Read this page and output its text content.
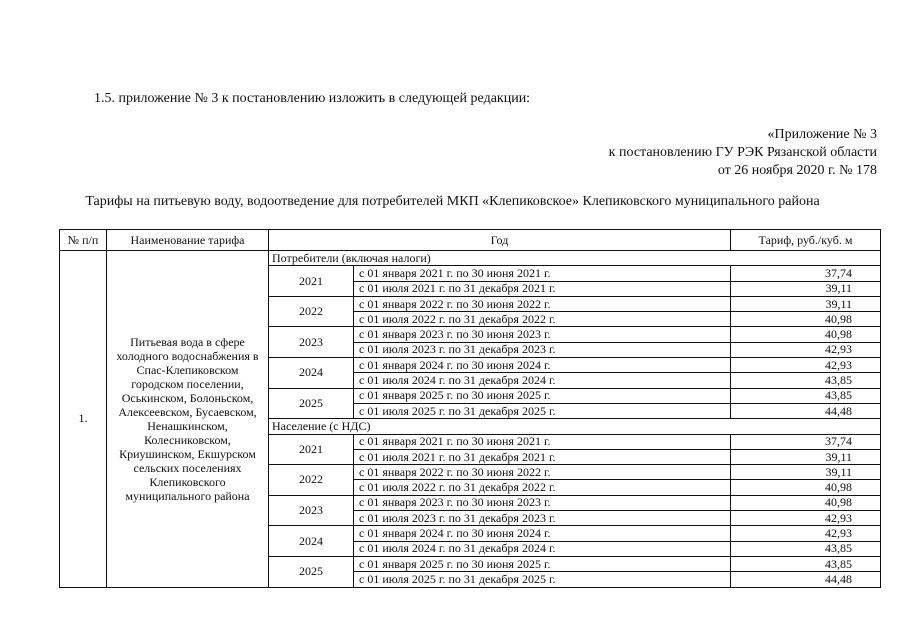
1.5. приложение № 3 к постановлению изложить в следующей редакции:
«Приложение № 3
к постановлению ГУ РЭК Рязанской области
от 26 ноября 2020 г. № 178
Тарифы на питьевую воду, водоотведение для потребителей МКП «Клепиковское» Клепиковского муниципального района
№ п/п	Наименование тарифа	Год		Тариф, руб./куб. м
1.	Питьевая вода в сфере холодного водоснабжения в Спас-Клепиковском городском поселении, Оськинском, Болоньском, Алексеевском, Бусаевском, Ненашкинском, Колесниковском, Криушинском, Екшурском сельских поселениях Клепиковского муниципального района	Потребители (включая налоги)		
		2021	с 01 января 2021 г. по 30 июня 2021 г.	37,74
			с 01 июля 2021 г. по 31 декабря 2021 г.	39,11
		2022	с 01 января 2022 г. по 30 июня 2022 г.	39,11
			с 01 июля 2022 г. по 31 декабря 2022 г.	40,98
		2023	с 01 января 2023 г. по 30 июня 2023 г.	40,98
			с 01 июля 2023 г. по 31 декабря 2023 г.	42,93
		2024	с 01 января 2024 г. по 30 июня 2024 г.	42,93
			с 01 июля 2024 г. по 31 декабря 2024 г.	43,85
		2025	с 01 января 2025 г. по 30 июня 2025 г.	43,85
			с 01 июля 2025 г. по 31 декабря 2025 г.	44,48
		Население (с НДС)		
		2021	с 01 января 2021 г. по 30 июня 2021 г.	37,74
			с 01 июля 2021 г. по 31 декабря 2021 г.	39,11
		2022	с 01 января 2022 г. по 30 июня 2022 г.	39,11
			с 01 июля 2022 г. по 31 декабря 2022 г.	40,98
		2023	с 01 января 2023 г. по 30 июня 2023 г.	40,98
			с 01 июля 2023 г. по 31 декабря 2023 г.	42,93
		2024	с 01 января 2024 г. по 30 июня 2024 г.	42,93
			с 01 июля 2024 г. по 31 декабря 2024 г.	43,85
		2025	с 01 января 2025 г. по 30 июня 2025 г.	43,85
			с 01 июля 2025 г. по 31 декабря 2025 г.	44,48
